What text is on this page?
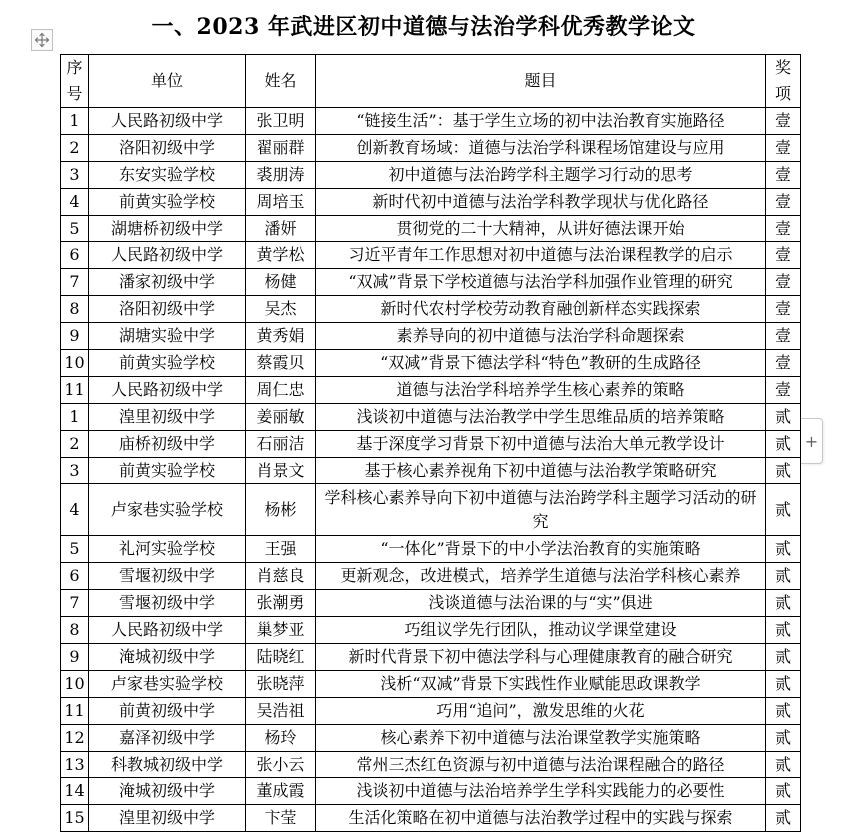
一、2023 年武进区初中道德与法治学科优秀教学论文
+
序号	单位	姓名	题目	奖项
1	人民路初级中学	张卫明	“链接生活”：基于学生立场的初中法治教育实施路径	壹
2	洛阳初级中学	翟丽群	创新教育场域：道德与法治学科课程场馆建设与应用	壹
3	东安实验学校	裘朋涛	初中道德与法治跨学科主题学习行动的思考	壹
4	前黄实验学校	周培玉	新时代初中道德与法治学科教学现状与优化路径	壹
5	湖塘桥初级中学	潘妍	贯彻党的二十大精神，从讲好德法课开始	壹
6	人民路初级中学	黄学松	习近平青年工作思想对初中道德与法治课程教学的启示	壹
7	潘家初级中学	杨健	“双减”背景下学校道德与法治学科加强作业管理的研究	壹
8	洛阳初级中学	吴杰	新时代农村学校劳动教育融创新样态实践探索	壹
9	湖塘实验中学	黄秀娟	素养导向的初中道德与法治学科命题探索	壹
10	前黄实验学校	蔡霞贝	“双减”背景下德法学科“特色”教研的生成路径	壹
11	人民路初级中学	周仁忠	道德与法治学科培养学生核心素养的策略	壹
1	湟里初级中学	姜丽敏	浅谈初中道德与法治教学中学生思维品质的培养策略	贰
2	庙桥初级中学	石丽洁	基于深度学习背景下初中道德与法治大单元教学设计	贰
3	前黄实验学校	肖景文	基于核心素养视角下初中道德与法治教学策略研究	贰
4	卢家巷实验学校	杨彬	学科核心素养导向下初中道德与法治跨学科主题学习活动的研究	贰
5	礼河实验学校	王强	“一体化”背景下的中小学法治教育的实施策略	贰
6	雪堰初级中学	肖慈良	更新观念，改进模式，培养学生道德与法治学科核心素养	贰
7	雪堰初级中学	张潮勇	浅谈道德与法治课的与“实”俱进	贰
8	人民路初级中学	巢梦亚	巧组议学先行团队，推动议学课堂建设	贰
9	淹城初级中学	陆晓红	新时代背景下初中德法学科与心理健康教育的融合研究	贰
10	卢家巷实验学校	张晓萍	浅析“双减”背景下实践性作业赋能思政课教学	贰
11	前黄初级中学	吴浩祖	巧用“追问”，激发思维的火花	贰
12	嘉泽初级中学	杨玲	核心素养下初中道德与法治课堂教学实施策略	贰
13	科教城初级中学	张小云	常州三杰红色资源与初中道德与法治课程融合的路径	贰
14	淹城初级中学	董成霞	浅谈初中道德与法治培养学生学科实践能力的必要性	贰
15	湟里初级中学	卞莹	生活化策略在初中道德与法治教学过程中的实践与探索	贰
